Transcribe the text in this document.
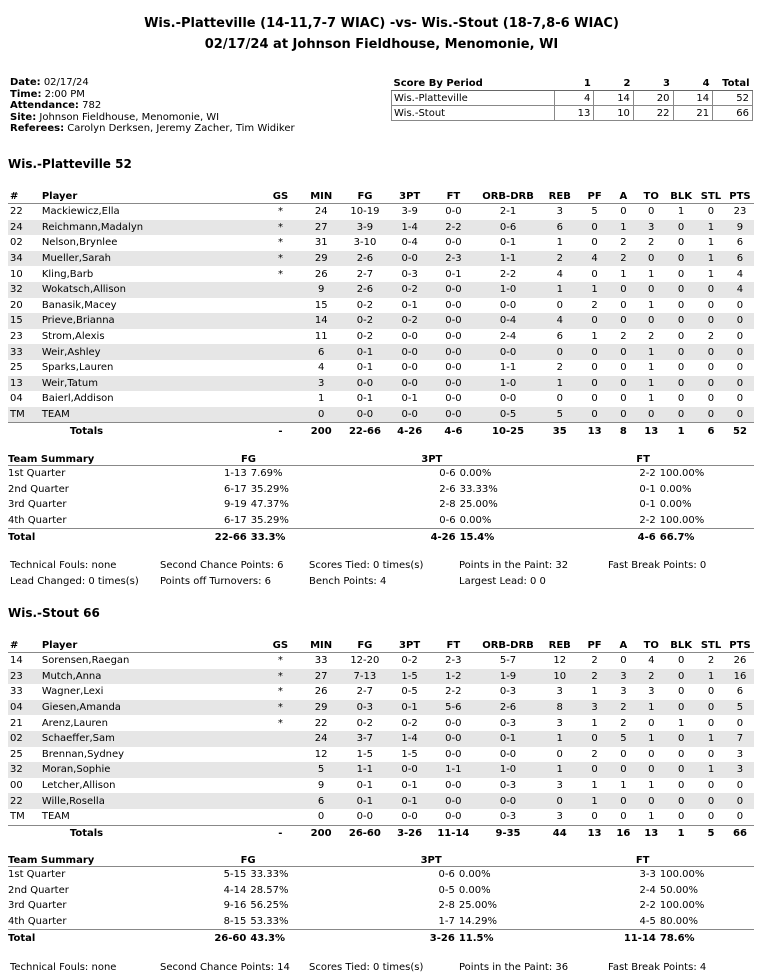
Wis.-Platteville (14-11,7-7 WIAC) -vs- Wis.-Stout (18-7,8-6 WIAC)
02/17/24 at Johnson Fieldhouse, Menomonie, WI
Date: 02/17/24
Time: 2:00 PM
Attendance: 782
Site: Johnson Fieldhouse, Menomonie, WI
Referees: Carolyn Derksen, Jeremy Zacher, Tim Widiker
Score By Period	1	2	3	4	Total
Wis.-Platteville	4	14	20	14	52
Wis.-Stout	13	10	22	21	66
Wis.-Platteville 52
#	Player	GS	MIN	FG	3PT	FT	ORB-DRB	REB	PF	A	TO	BLK	STL	PTS
22	Mackiewicz,Ella	*	24	10-19	3-9	0-0	2-1	3	5	0	0	1	0	23
24	Reichmann,Madalyn	*	27	3-9	1-4	2-2	0-6	6	0	1	3	0	1	9
02	Nelson,Brynlee	*	31	3-10	0-4	0-0	0-1	1	0	2	2	0	1	6
34	Mueller,Sarah	*	29	2-6	0-0	2-3	1-1	2	4	2	0	0	1	6
10	Kling,Barb	*	26	2-7	0-3	0-1	2-2	4	0	1	1	0	1	4
32	Wokatsch,Allison		9	2-6	0-2	0-0	1-0	1	1	0	0	0	0	4
20	Banasik,Macey		15	0-2	0-1	0-0	0-0	0	2	0	1	0	0	0
15	Prieve,Brianna		14	0-2	0-2	0-0	0-4	4	0	0	0	0	0	0
23	Strom,Alexis		11	0-2	0-0	0-0	2-4	6	1	2	2	0	2	0
33	Weir,Ashley		6	0-1	0-0	0-0	0-0	0	0	0	1	0	0	0
25	Sparks,Lauren		4	0-1	0-0	0-0	1-1	2	0	0	1	0	0	0
13	Weir,Tatum		3	0-0	0-0	0-0	1-0	1	0	0	1	0	0	0
04	Baierl,Addison		1	0-1	0-1	0-0	0-0	0	0	0	1	0	0	0
TM	TEAM		0	0-0	0-0	0-0	0-5	5	0	0	0	0	0	0
	Totals	-	200	22-66	4-26	4-6	10-25	35	13	8	13	1	6	52
Team Summary	FG		3PT		FT	
1st Quarter	1-13	7.69%	0-6	0.00%	2-2	100.00%
2nd Quarter	6-17	35.29%	2-6	33.33%	0-1	0.00%
3rd Quarter	9-19	47.37%	2-8	25.00%	0-1	0.00%
4th Quarter	6-17	35.29%	0-6	0.00%	2-2	100.00%
Total	22-66	33.3%	4-26	15.4%	4-6	66.7%
Technical Fouls: none	Second Chance Points: 6	Scores Tied: 0 times(s)	Points in the Paint: 32	Fast Break Points: 0
Lead Changed: 0 times(s) Points off Turnovers: 6	Bench Points: 4	Largest Lead: 0 0
Wis.-Stout 66
#	Player	GS	MIN	FG	3PT	FT	ORB-DRB	REB	PF	A	TO	BLK	STL	PTS
14	Sorensen,Raegan	*	33	12-20	0-2	2-3	5-7	12	2	0	4	0	2	26
23	Mutch,Anna	*	27	7-13	1-5	1-2	1-9	10	2	3	2	0	1	16
33	Wagner,Lexi	*	26	2-7	0-5	2-2	0-3	3	1	3	3	0	0	6
04	Giesen,Amanda	*	29	0-3	0-1	5-6	2-6	8	3	2	1	0	0	5
21	Arenz,Lauren	*	22	0-2	0-2	0-0	0-3	3	1	2	0	1	0	0
02	Schaeffer,Sam		24	3-7	1-4	0-0	0-1	1	0	5	1	0	1	7
25	Brennan,Sydney		12	1-5	1-5	0-0	0-0	0	2	0	0	0	0	3
32	Moran,Sophie		5	1-1	0-0	1-1	1-0	1	0	0	0	0	1	3
00	Letcher,Allison		9	0-1	0-1	0-0	0-3	3	1	1	1	0	0	0
22	Wille,Rosella		6	0-1	0-1	0-0	0-0	0	1	0	0	0	0	0
TM	TEAM		0	0-0	0-0	0-0	0-3	3	0	0	1	0	0	0
	Totals	-	200	26-60	3-26	11-14	9-35	44	13	16	13	1	5	66
Team Summary	FG		3PT		FT	
1st Quarter	5-15	33.33%	0-6	0.00%	3-3	100.00%
2nd Quarter	4-14	28.57%	0-5	0.00%	2-4	50.00%
3rd Quarter	9-16	56.25%	2-8	25.00%	2-2	100.00%
4th Quarter	8-15	53.33%	1-7	14.29%	4-5	80.00%
Total	26-60	43.3%	3-26	11.5%	11-14	78.6%
Technical Fouls: none	Second Chance Points: 14 Scores Tied: 0 times(s)	Points in the Paint: 36	Fast Break Points: 4
